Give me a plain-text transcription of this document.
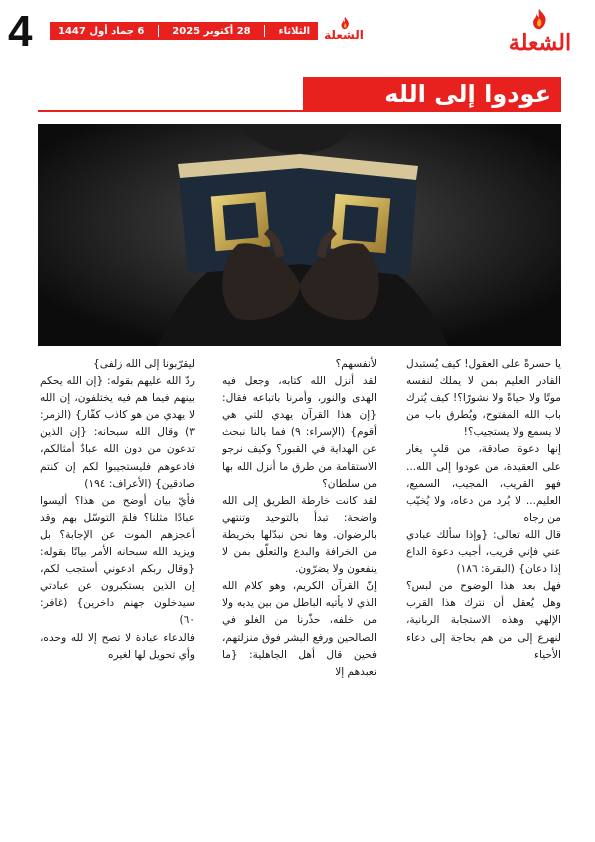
4	الثلاثاء
28 أكتوبر 2025
6 جماد أول 1447	الشعلة	الشعلة
عودوا إلى الله

يا حسرةً على العقول! كيف يُستبدل القادر العليم بمن لا يملك لنفسه موتًا ولا حياةً ولا نشورًا؟! كيف يُترك باب الله المفتوح، ويُطرق باب من لا يسمع ولا يستجيب؟!

إنها دعوة صادقة، من قلبٍ يغار على العقيدة، من عودوا إلى الله... فهو القريب، المجيب، السميع، العليم... لا يُرد من دعاه، ولا يُخيّب من رجاه

قال الله تعالى: {وإذا سألك عبادي عني فإني قريب، أجيب دعوة الداع إذا دعان} (البقرة: ١٨٦)

فهل بعد هذا الوضوح من لبس؟ وهل يُعقل أن نترك هذا القرب الإلهي وهذه الاستجابة الربانية، لنهرع إلى من هم بحاجة إلى دعاء الأحياء

لأنفسهم؟

لقد أنزل الله كتابه، وجعل فيه الهدى والنور، وأمرنا باتباعه فقال: {إن هذا القرآن يهدي للتي هي أقوم} (الإسراء: ٩) فما بالنا نبحث عن الهداية في القبور؟ وكيف نرجو الاستقامة من طرق ما أنزل الله بها من سلطان؟

لقد كانت خارطة الطريق إلى الله واضحة: تبدأ بالتوحيد وتنتهي بالرضوان. وها نحن نبدّلها بخريطة من الخرافة والبدع والتعلّق بمن لا ينفعون ولا يضرّون.

إنّ القرآن الكريم، وهو كلام الله الذي لا يأتيه الباطل من بين يديه ولا من خلفه، حذّرنا من الغلو في الصالحين ورفع البشر فوق منزلتهم، فحين قال أهل الجاهلية: {ما نعبدهم إلا

ليقرّبونا إلى الله زلفى}

ردّ الله عليهم بقوله: {إن الله يحكم بينهم فيما هم فيه يختلفون، إن الله لا يهدي من هو كاذب كفّار} (الزمر: ٣) وقال الله سبحانه: {إن الذين تدعون من دون الله عبادٌ أمثالكم، فادعوهم فليستجيبوا لكم إن كنتم صادقين} (الأعراف: ١٩٤)

فأيّ بيان أوضح من هذا؟ أليسوا عبادًا مثلنا؟ فلمَ التوسّل بهم وقد أعجزهم الموت عن الإجابة؟ بل ويزيد الله سبحانه الأمر بيانًا بقوله: {وقال ربكم ادعوني أستجب لكم، إن الذين يستكبرون عن عبادتي سيدخلون جهنم داخرين} (غافر: ٦٠)

فالدعاء عبادة لا تصح إلا لله وحده، وأي تحويل لها لغيره
